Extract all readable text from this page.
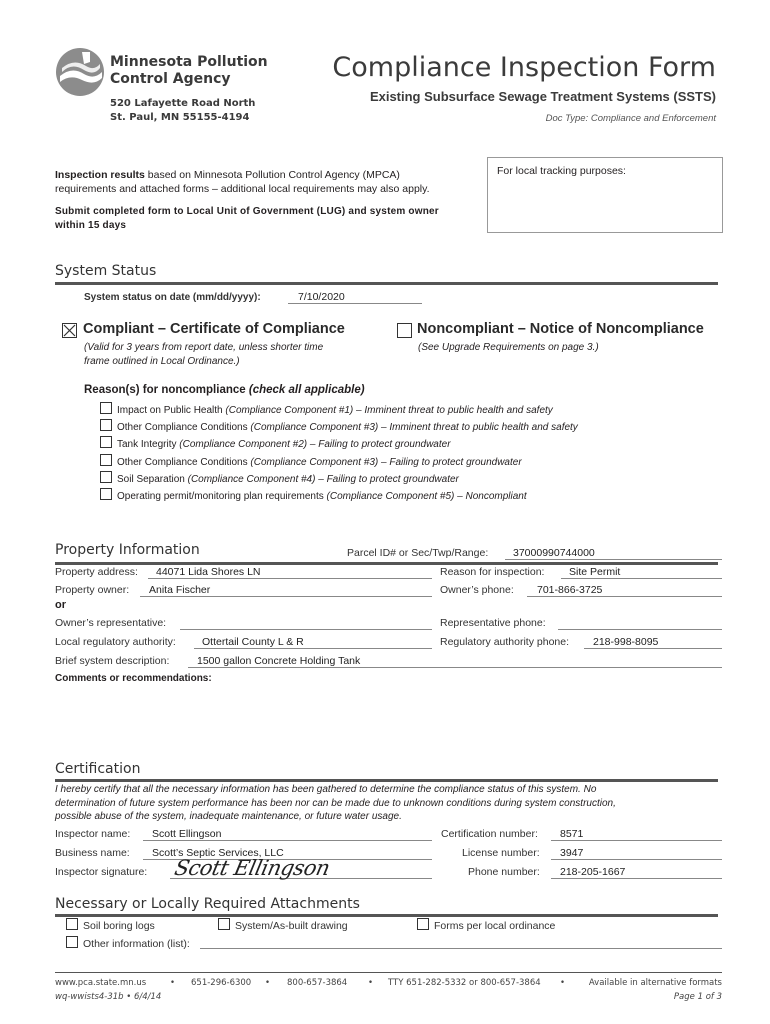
Minnesota Pollution
Control Agency
520 Lafayette Road North
St. Paul, MN 55155-4194
Compliance Inspection Form
Existing Subsurface Sewage Treatment Systems (SSTS)
Doc Type: Compliance and Enforcement
Inspection results based on Minnesota Pollution Control Agency (MPCA)
requirements and attached forms – additional local requirements may also apply.
Submit completed form to Local Unit of Government (LUG) and system owner
within 15 days
For local tracking purposes:
System Status
System status on date (mm/dd/yyyy):	7/10/2020
Compliant – Certificate of Compliance
(Valid for 3 years from report date, unless shorter time
frame outlined in Local Ordinance.)
Noncompliant – Notice of Noncompliance
(See Upgrade Requirements on page 3.)
Reason(s) for noncompliance (check all applicable)
Impact on Public Health (Compliance Component #1) – Imminent threat to public health and safety
Other Compliance Conditions (Compliance Component #3) – Imminent threat to public health and safety
Tank Integrity (Compliance Component #2) – Failing to protect groundwater
Other Compliance Conditions (Compliance Component #3) – Failing to protect groundwater
Soil Separation (Compliance Component #4) – Failing to protect groundwater
Operating permit/monitoring plan requirements (Compliance Component #5) – Noncompliant
Property Information	Parcel ID# or Sec/Twp/Range: 37000990744000
Property address: 44071 Lida Shores LN	Reason for inspection: Site Permit
Property owner: Anita Fischer	Owner’s phone: 701-866-3725
or
Owner’s representative:	Representative phone:
Local regulatory authority: Ottertail County L & R	Regulatory authority phone: 218-998-8095
Brief system description:	1500 gallon Concrete Holding Tank
Comments or recommendations:
Certification
I hereby certify that all the necessary information has been gathered to determine the compliance status of this system. No
determination of future system performance has been nor can be made due to unknown conditions during system construction,
possible abuse of the system, inadequate maintenance, or future water usage.
Inspector name: Scott Ellingson	Certification number: 8571
Business name: Scott’s Septic Services, LLC	License number: 3947
Inspector signature: Scott Ellingson	Phone number: 218-205-1667
Necessary or Locally Required Attachments
Soil boring logs	System/As-built drawing	Forms per local ordinance
Other information (list):
www.pca.state.mn.us	• 651-296-6300 • 800-657-3864 • TTY 651-282-5332 or 800-657-3864 •	Available in alternative formats
wq-wwists4-31b • 6/4/14	Page 1 of 3
